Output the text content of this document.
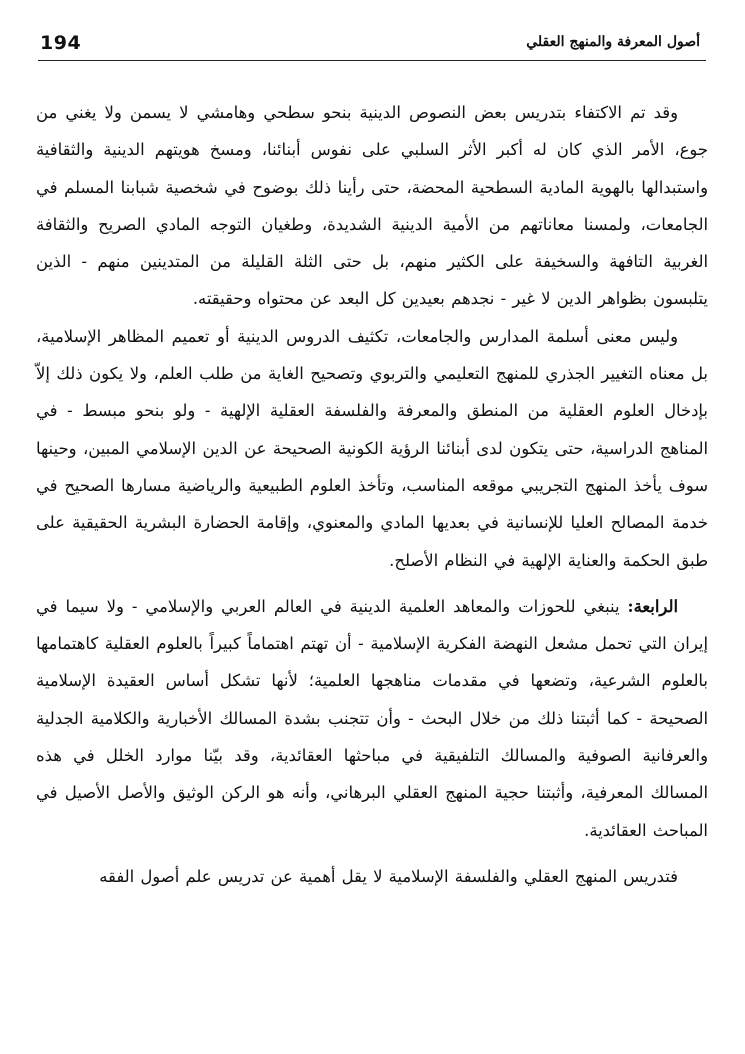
194	أصول المعرفة والمنهج العقلي

وقد تم الاكتفاء بتدريس بعض النصوص الدينية بنحو سطحي وهامشي لا يسمن ولا يغني من جوع، الأمر الذي كان له أكبر الأثر السلبي على نفوس أبنائنا، ومسخ هويتهم الدينية والثقافية واستبدالها بالهوية المادية السطحية المحضة، حتى رأينا ذلك بوضوح في شخصية شبابنا المسلم في الجامعات، ولمسنا معاناتهم من الأمية الدينية الشديدة، وطغيان التوجه المادي الصريح والثقافة الغربية التافهة والسخيفة على الكثير منهم، بل حتى الثلة القليلة من المتدينين منهم - الذين يتلبسون بظواهر الدين لا غير - نجدهم بعيدين كل البعد عن محتواه وحقيقته.

وليس معنى أسلمة المدارس والجامعات، تكثيف الدروس الدينية أو تعميم المظاهر الإسلامية، بل معناه التغيير الجذري للمنهج التعليمي والتربوي وتصحيح الغاية من طلب العلم، ولا يكون ذلك إلاّ بإدخال العلوم العقلية من المنطق والمعرفة والفلسفة العقلية الإلهية - ولو بنحو مبسط - في المناهج الدراسية، حتى يتكون لدى أبنائنا الرؤية الكونية الصحيحة عن الدين الإسلامي المبين، وحينها سوف يأخذ المنهج التجريبي موقعه المناسب، وتأخذ العلوم الطبيعية والرياضية مسارها الصحيح في خدمة المصالح العليا للإنسانية في بعديها المادي والمعنوي، وإقامة الحضارة البشرية الحقيقية على طبق الحكمة والعناية الإلهية في النظام الأصلح.

الرابعة: ينبغي للحوزات والمعاهد العلمية الدينية في العالم العربي والإسلامي - ولا سيما في إيران التي تحمل مشعل النهضة الفكرية الإسلامية - أن تهتم اهتماماً كبيراً بالعلوم العقلية كاهتمامها بالعلوم الشرعية، وتضعها في مقدمات مناهجها العلمية؛ لأنها تشكل أساس العقيدة الإسلامية الصحيحة - كما أثبتنا ذلك من خلال البحث - وأن تتجنب بشدة المسالك الأخبارية والكلامية الجدلية والعرفانية الصوفية والمسالك التلفيقية في مباحثها العقائدية، وقد بيّنا موارد الخلل في هذه المسالك المعرفية، وأثبتنا حجية المنهج العقلي البرهاني، وأنه هو الركن الوثيق والأصل الأصيل في المباحث العقائدية.

فتدريس المنهج العقلي والفلسفة الإسلامية لا يقل أهمية عن تدريس علم أصول الفقه
